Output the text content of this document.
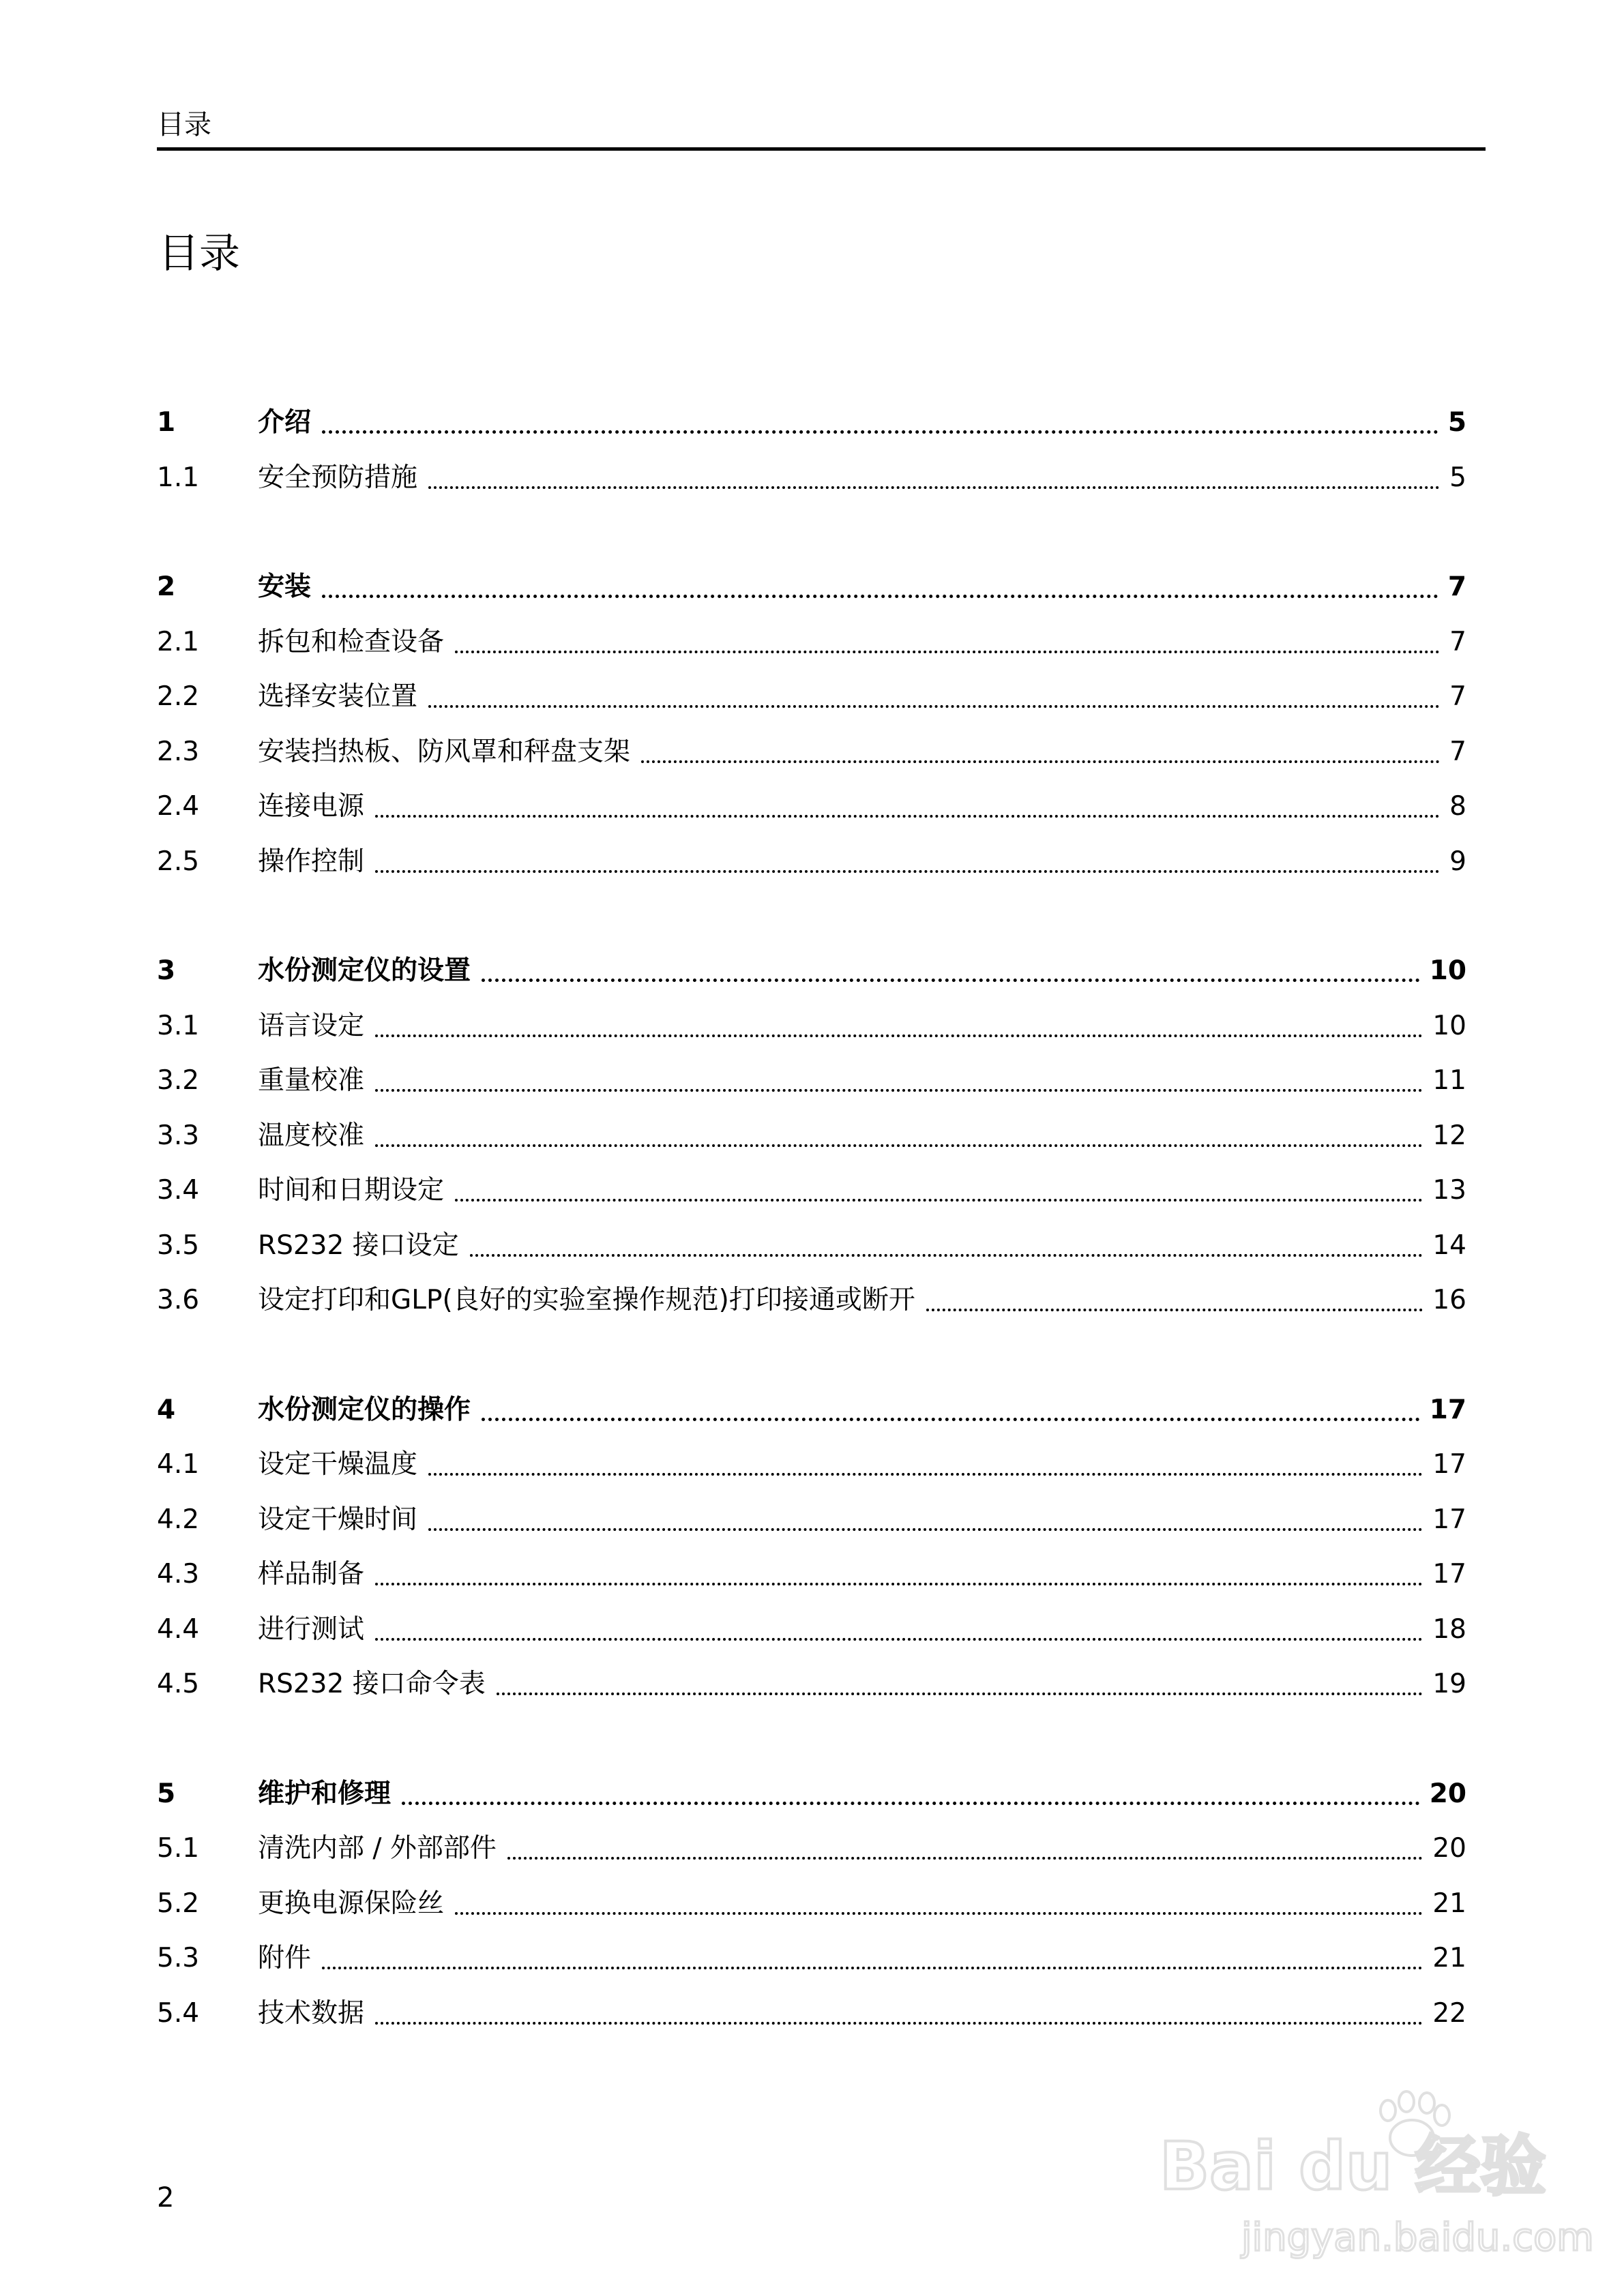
目录
目录
1	介绍	5
1.1	安全预防措施	5
2	安装	7
2.1	拆包和检查设备	7
2.2	选择安装位置	7
2.3	安装挡热板、防风罩和秤盘支架	7
2.4	连接电源	8
2.5	操作控制	9
3	水份测定仪的设置	10
3.1	语言设定	10
3.2	重量校准	11
3.3	温度校准	12
3.4	时间和日期设定	13
3.5	RS232 接口设定	14
3.6	设定打印和GLP(良好的实验室操作规范)打印接通或断开	16
4	水份测定仪的操作	17
4.1	设定干燥温度	17
4.2	设定干燥时间	17
4.3	样品制备	17
4.4	进行测试	18
4.5	RS232 接口命令表	19
5	维护和修理	20
5.1	清洗内部 / 外部部件	20
5.2	更换电源保险丝	21
5.3	附件	21
5.4	技术数据	22
2	Bai du 经验
jingyan.baidu.com
